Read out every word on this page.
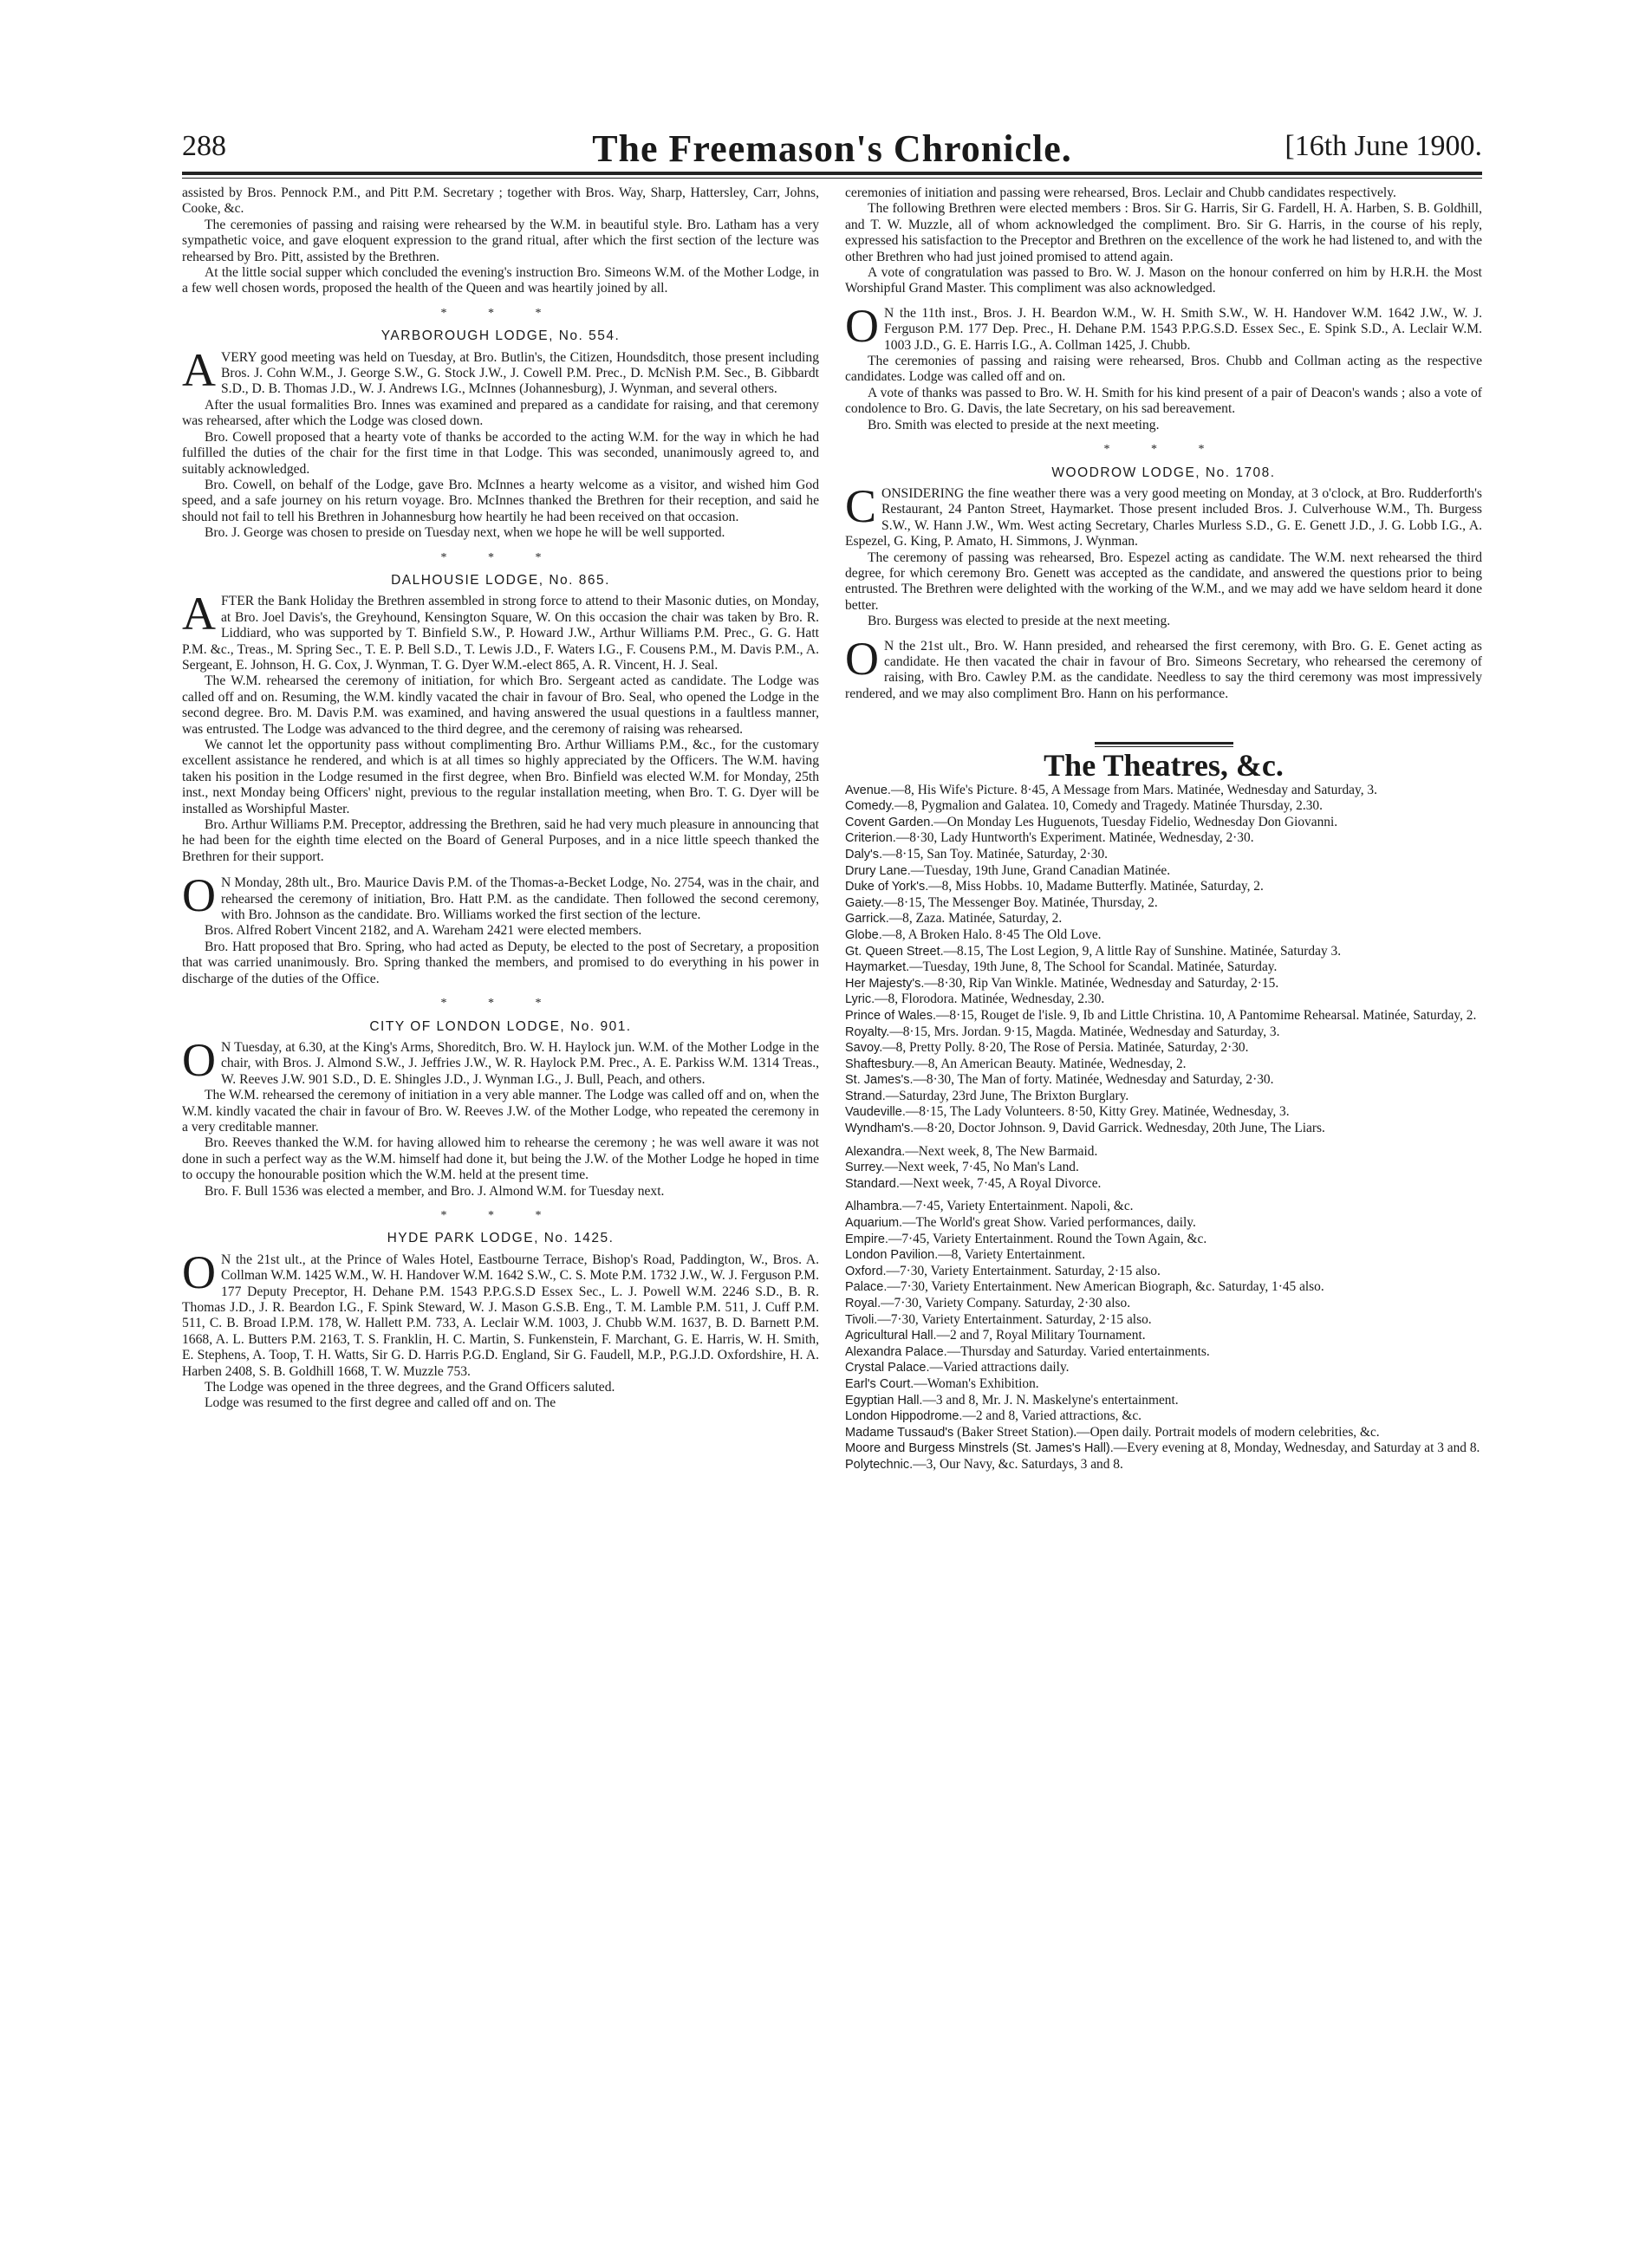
288	The Freemason's Chronicle.	[16th June 1900.

assisted by Bros. Pennock P.M., and Pitt P.M. Secretary ; together with Bros. Way, Sharp, Hattersley, Carr, Johns, Cooke, &c.

The ceremonies of passing and raising were rehearsed by the W.M. in beautiful style. Bro. Latham has a very sympathetic voice, and gave eloquent expression to the grand ritual, after which the first section of the lecture was rehearsed by Bro. Pitt, assisted by the Brethren.

At the little social supper which concluded the evening's instruction Bro. Simeons W.M. of the Mother Lodge, in a few well chosen words, proposed the health of the Queen and was heartily joined by all.

* * *
YARBOROUGH LODGE, No. 554.

AVERY good meeting was held on Tuesday, at Bro. Butlin's, the Citizen, Houndsditch, those present including Bros. J. Cohn W.M., J. George S.W., G. Stock J.W., J. Cowell P.M. Prec., D. McNish P.M. Sec., B. Gibbardt S.D., D. B. Thomas J.D., W. J. Andrews I.G., McInnes (Johannesburg), J. Wynman, and several others.

After the usual formalities Bro. Innes was examined and prepared as a candidate for raising, and that ceremony was rehearsed, after which the Lodge was closed down.

Bro. Cowell proposed that a hearty vote of thanks be accorded to the acting W.M. for the way in which he had fulfilled the duties of the chair for the first time in that Lodge. This was seconded, unanimously agreed to, and suitably acknowledged.

Bro. Cowell, on behalf of the Lodge, gave Bro. McInnes a hearty welcome as a visitor, and wished him God speed, and a safe journey on his return voyage. Bro. McInnes thanked the Brethren for their reception, and said he should not fail to tell his Brethren in Johannesburg how heartily he had been received on that occasion.

Bro. J. George was chosen to preside on Tuesday next, when we hope he will be well supported.

* * *
DALHOUSIE LODGE, No. 865.

AFTER the Bank Holiday the Brethren assembled in strong force to attend to their Masonic duties, on Monday, at Bro. Joel Davis's, the Greyhound, Kensington Square, W. On this occasion the chair was taken by Bro. R. Liddiard, who was supported by T. Binfield S.W., P. Howard J.W., Arthur Williams P.M. Prec., G. G. Hatt P.M. &c., Treas., M. Spring Sec., T. E. P. Bell S.D., T. Lewis J.D., F. Waters I.G., F. Cousens P.M., M. Davis P.M., A. Sergeant, E. Johnson, H. G. Cox, J. Wynman, T. G. Dyer W.M.-elect 865, A. R. Vincent, H. J. Seal.

The W.M. rehearsed the ceremony of initiation, for which Bro. Sergeant acted as candidate. The Lodge was called off and on. Resuming, the W.M. kindly vacated the chair in favour of Bro. Seal, who opened the Lodge in the second degree. Bro. M. Davis P.M. was examined, and having answered the usual questions in a faultless manner, was entrusted. The Lodge was advanced to the third degree, and the ceremony of raising was rehearsed.

We cannot let the opportunity pass without complimenting Bro. Arthur Williams P.M., &c., for the customary excellent assistance he rendered, and which is at all times so highly appreciated by the Officers. The W.M. having taken his position in the Lodge resumed in the first degree, when Bro. Binfield was elected W.M. for Monday, 25th inst., next Monday being Officers' night, previous to the regular installation meeting, when Bro. T. G. Dyer will be installed as Worshipful Master.

Bro. Arthur Williams P.M. Preceptor, addressing the Brethren, said he had very much pleasure in announcing that he had been for the eighth time elected on the Board of General Purposes, and in a nice little speech thanked the Brethren for their support.

O N Monday, 28th ult., Bro. Maurice Davis P.M. of the Thomas-a-Becket Lodge, No. 2754, was in the chair, and rehearsed the ceremony of initiation, Bro. Hatt P.M. as the candidate. Then followed the second ceremony, with Bro. Johnson as the candidate. Bro. Williams worked the first section of the lecture.

Bros. Alfred Robert Vincent 2182, and A. Wareham 2421 were elected members.

Bro. Hatt proposed that Bro. Spring, who had acted as Deputy, be elected to the post of Secretary, a proposition that was carried unanimously. Bro. Spring thanked the members, and promised to do everything in his power in discharge of the duties of the Office.

* * *
CITY OF LONDON LODGE, No. 901.

O N Tuesday, at 6.30, at the King's Arms, Shoreditch, Bro. W. H. Haylock jun. W.M. of the Mother Lodge in the chair, with Bros. J. Almond S.W., J. Jeffries J.W., W. R. Haylock P.M. Prec., A. E. Parkiss W.M. 1314 Treas., W. Reeves J.W. 901 S.D., D. E. Shingles J.D., J. Wynman I.G., J. Bull, Peach, and others.

The W.M. rehearsed the ceremony of initiation in a very able manner. The Lodge was called off and on, when the W.M. kindly vacated the chair in favour of Bro. W. Reeves J.W. of the Mother Lodge, who repeated the ceremony in a very creditable manner.

Bro. Reeves thanked the W.M. for having allowed him to rehearse the ceremony ; he was well aware it was not done in such a perfect way as the W.M. himself had done it, but being the J.W. of the Mother Lodge he hoped in time to occupy the honourable position which the W.M. held at the present time.

Bro. F. Bull 1536 was elected a member, and Bro. J. Almond W.M. for Tuesday next.

* * *
HYDE PARK LODGE, No. 1425.

O N the 21st ult., at the Prince of Wales Hotel, Eastbourne Terrace, Bishop's Road, Paddington, W., Bros. A. Collman W.M. 1425 W.M., W. H. Handover W.M. 1642 S.W., C. S. Mote P.M. 1732 J.W., W. J. Ferguson P.M. 177 Deputy Preceptor, H. Dehane P.M. 1543 P.P.G.S.D Essex Sec., L. J. Powell W.M. 2246 S.D., B. R. Thomas J.D., J. R. Beardon I.G., F. Spink Steward, W. J. Mason G.S.B. Eng., T. M. Lamble P.M. 511, J. Cuff P.M. 511, C. B. Broad I.P.M. 178, W. Hallett P.M. 733, A. Leclair W.M. 1003, J. Chubb W.M. 1637, B. D. Barnett P.M. 1668, A. L. Butters P.M. 2163, T. S. Franklin, H. C. Martin, S. Funkenstein, F. Marchant, G. E. Harris, W. H. Smith, E. Stephens, A. Toop, T. H. Watts, Sir G. D. Harris P.G.D. England, Sir G. Faudell, M.P., P.G.J.D. Oxfordshire, H. A. Harben 2408, S. B. Goldhill 1668, T. W. Muzzle 753.

The Lodge was opened in the three degrees, and the Grand Officers saluted.

Lodge was resumed to the first degree and called off and on. The

ceremonies of initiation and passing were rehearsed, Bros. Leclair and Chubb candidates respectively.

The following Brethren were elected members : Bros. Sir G. Harris, Sir G. Fardell, H. A. Harben, S. B. Goldhill, and T. W. Muzzle, all of whom acknowledged the compliment. Bro. Sir G. Harris, in the course of his reply, expressed his satisfaction to the Preceptor and Brethren on the excellence of the work he had listened to, and with the other Brethren who had just joined promised to attend again.

A vote of congratulation was passed to Bro. W. J. Mason on the honour conferred on him by H.R.H. the Most Worshipful Grand Master. This compliment was also acknowledged.

O N the 11th inst., Bros. J. H. Beardon W.M., W. H. Smith S.W., W. H. Handover W.M. 1642 J.W., W. J. Ferguson P.M. 177 Dep. Prec., H. Dehane P.M. 1543 P.P.G.S.D. Essex Sec., E. Spink S.D., A. Leclair W.M. 1003 J.D., G. E. Harris I.G., A. Collman 1425, J. Chubb.

The ceremonies of passing and raising were rehearsed, Bros. Chubb and Collman acting as the respective candidates. Lodge was called off and on.

A vote of thanks was passed to Bro. W. H. Smith for his kind present of a pair of Deacon's wands ; also a vote of condolence to Bro. G. Davis, the late Secretary, on his sad bereavement.

Bro. Smith was elected to preside at the next meeting.

* * *
WOODROW LODGE, No. 1708.

CONSIDERING the fine weather there was a very good meeting on Monday, at 3 o'clock, at Bro. Rudderforth's Restaurant, 24 Panton Street, Haymarket. Those present included Bros. J. Culverhouse W.M., Th. Burgess S.W., W. Hann J.W., Wm. West acting Secretary, Charles Murless S.D., G. E. Genett J.D., J. G. Lobb I.G., A. Espezel, G. King, P. Amato, H. Simmons, J. Wynman.

The ceremony of passing was rehearsed, Bro. Espezel acting as candidate. The W.M. next rehearsed the third degree, for which ceremony Bro. Genett was accepted as the candidate, and answered the questions prior to being entrusted. The Brethren were delighted with the working of the W.M., and we may add we have seldom heard it done better.

Bro. Burgess was elected to preside at the next meeting.

O N the 21st ult., Bro. W. Hann presided, and rehearsed the first ceremony, with Bro. G. E. Genet acting as candidate. He then vacated the chair in favour of Bro. Simeons Secretary, who rehearsed the ceremony of raising, with Bro. Cawley P.M. as the candidate. Needless to say the third ceremony was most impressively rendered, and we may also compliment Bro. Hann on his performance.

The Theatres, &c.
Avenue.—8, His Wife's Picture. 8·45, A Message from Mars. Matinée, Wednesday and Saturday, 3.
Comedy.—8, Pygmalion and Galatea. 10, Comedy and Tragedy. Matinée Thursday, 2.30.
Covent Garden.—On Monday Les Huguenots, Tuesday Fidelio, Wednesday Don Giovanni.
Criterion.—8·30, Lady Huntworth's Experiment. Matinée, Wednesday, 2·30.
Daly's.—8·15, San Toy. Matinée, Saturday, 2·30.
Drury Lane.—Tuesday, 19th June, Grand Canadian Matinée.
Duke of York's.—8, Miss Hobbs. 10, Madame Butterfly. Matinée, Saturday, 2.
Gaiety.—8·15, The Messenger Boy. Matinée, Thursday, 2.
Garrick.—8, Zaza. Matinée, Saturday, 2.
Globe.—8, A Broken Halo. 8·45 The Old Love.
Gt. Queen Street.—8.15, The Lost Legion, 9, A little Ray of Sunshine. Matinée, Saturday 3.
Haymarket.—Tuesday, 19th June, 8, The School for Scandal. Matinée, Saturday.
Her Majesty's.—8·30, Rip Van Winkle. Matinée, Wednesday and Saturday, 2·15.
Lyric.—8, Florodora. Matinée, Wednesday, 2.30.
Prince of Wales.—8·15, Rouget de l'isle. 9, Ib and Little Christina. 10, A Pantomime Rehearsal. Matinée, Saturday, 2.
Royalty.—8·15, Mrs. Jordan. 9·15, Magda. Matinée, Wednesday and Saturday, 3.
Savoy.—8, Pretty Polly. 8·20, The Rose of Persia. Matinée, Saturday, 2·30.
Shaftesbury.—8, An American Beauty. Matinée, Wednesday, 2.
St. James's.—8·30, The Man of forty. Matinée, Wednesday and Saturday, 2·30.
Strand.—Saturday, 23rd June, The Brixton Burglary.
Vaudeville.—8·15, The Lady Volunteers. 8·50, Kitty Grey. Matinée, Wednesday, 3.
Wyndham's.—8·20, Doctor Johnson. 9, David Garrick. Wednesday, 20th June, The Liars.
Alexandra.—Next week, 8, The New Barmaid.
Surrey.—Next week, 7·45, No Man's Land.
Standard.—Next week, 7·45, A Royal Divorce.
Alhambra.—7·45, Variety Entertainment. Napoli, &c.
Aquarium.—The World's great Show. Varied performances, daily.
Empire.—7·45, Variety Entertainment. Round the Town Again, &c.
London Pavilion.—8, Variety Entertainment.
Oxford.—7·30, Variety Entertainment. Saturday, 2·15 also.
Palace.—7·30, Variety Entertainment. New American Biograph, &c. Saturday, 1·45 also.
Royal.—7·30, Variety Company. Saturday, 2·30 also.
Tivoli.—7·30, Variety Entertainment. Saturday, 2·15 also.
Agricultural Hall.—2 and 7, Royal Military Tournament.
Alexandra Palace.—Thursday and Saturday. Varied entertainments.
Crystal Palace.—Varied attractions daily.
Earl's Court.—Woman's Exhibition.
Egyptian Hall.—3 and 8, Mr. J. N. Maskelyne's entertainment.
London Hippodrome.—2 and 8, Varied attractions, &c.
Madame Tussaud's (Baker Street Station).—Open daily. Portrait models of modern celebrities, &c.
Moore and Burgess Minstrels (St. James's Hall).—Every evening at 8, Monday, Wednesday, and Saturday at 3 and 8.
Polytechnic.—3, Our Navy, &c. Saturdays, 3 and 8.
